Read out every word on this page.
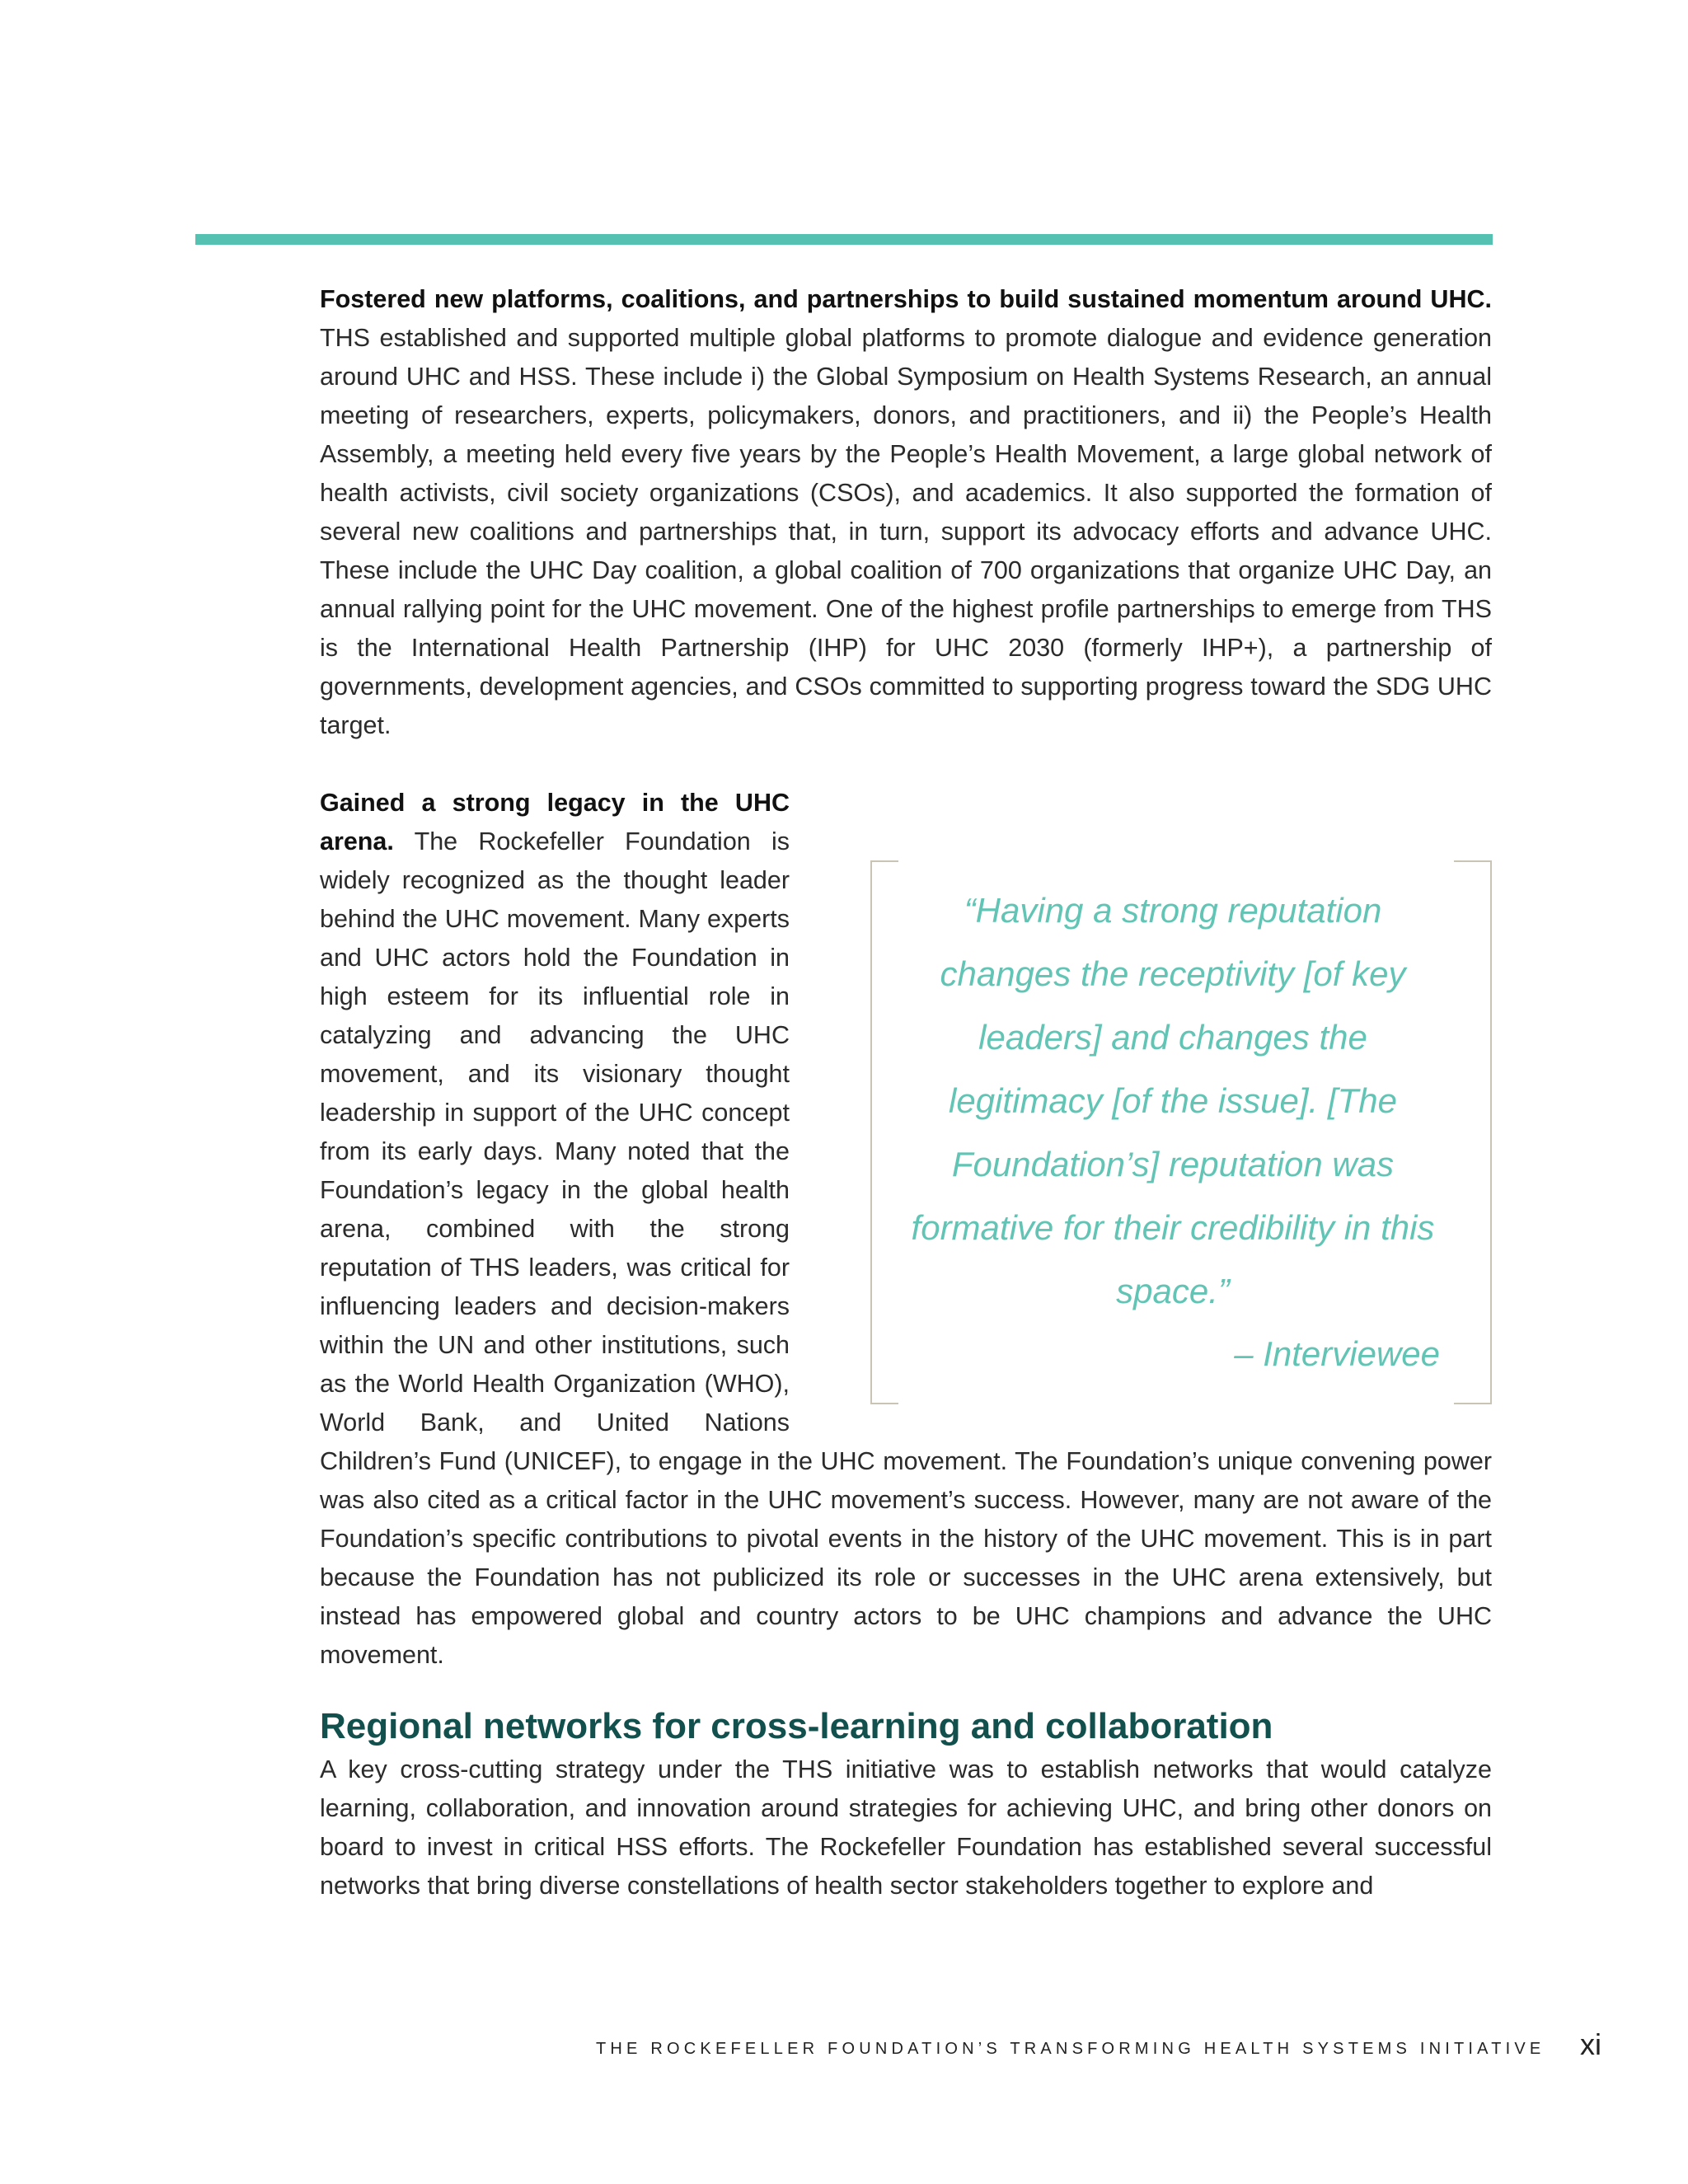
Fostered new platforms, coalitions, and partnerships to build sustained momentum around UHC. THS established and supported multiple global platforms to promote dialogue and evidence generation around UHC and HSS. These include i) the Global Symposium on Health Systems Research, an annual meeting of researchers, experts, policymakers, donors, and practitioners, and ii) the People’s Health Assembly, a meeting held every five years by the People’s Health Movement, a large global network of health activists, civil society organizations (CSOs), and academics. It also supported the formation of several new coalitions and partnerships that, in turn, support its advocacy efforts and advance UHC. These include the UHC Day coalition, a global coalition of 700 organizations that organize UHC Day, an annual rallying point for the UHC movement. One of the highest profile partnerships to emerge from THS is the International Health Partnership (IHP) for UHC 2030 (formerly IHP+), a partnership of governments, development agencies, and CSOs committed to supporting progress toward the SDG UHC target.

“Having a strong reputation changes the receptivity [of key leaders] and changes the legitimacy [of the issue]. [The Foundation’s] reputation was formative for their credibility in this space.”
– Interviewee

Gained a strong legacy in the UHC arena. The Rockefeller Foundation is widely recognized as the thought leader behind the UHC movement. Many experts and UHC actors hold the Foundation in high esteem for its influential role in catalyzing and advancing the UHC movement, and its visionary thought leadership in support of the UHC concept from its early days. Many noted that the Foundation’s legacy in the global health arena, combined with the strong reputation of THS leaders, was critical for influencing leaders and decision-makers within the UN and other institutions, such as the World Health Organization (WHO), World Bank, and United Nations Children’s Fund (UNICEF), to engage in the UHC movement. The Foundation’s unique convening power was also cited as a critical factor in the UHC movement’s success. However, many are not aware of the Foundation’s specific contributions to pivotal events in the history of the UHC movement. This is in part because the Foundation has not publicized its role or successes in the UHC arena extensively, but instead has empowered global and country actors to be UHC champions and advance the UHC movement.

Regional networks for cross-learning and collaboration

A key cross-cutting strategy under the THS initiative was to establish networks that would catalyze learning, collaboration, and innovation around strategies for achieving UHC, and bring other donors on board to invest in critical HSS efforts. The Rockefeller Foundation has established several successful networks that bring diverse constellations of health sector stakeholders together to explore and

THE ROCKEFELLER FOUNDATION’S TRANSFORMING HEALTH SYSTEMS INITIATIVE	xi
